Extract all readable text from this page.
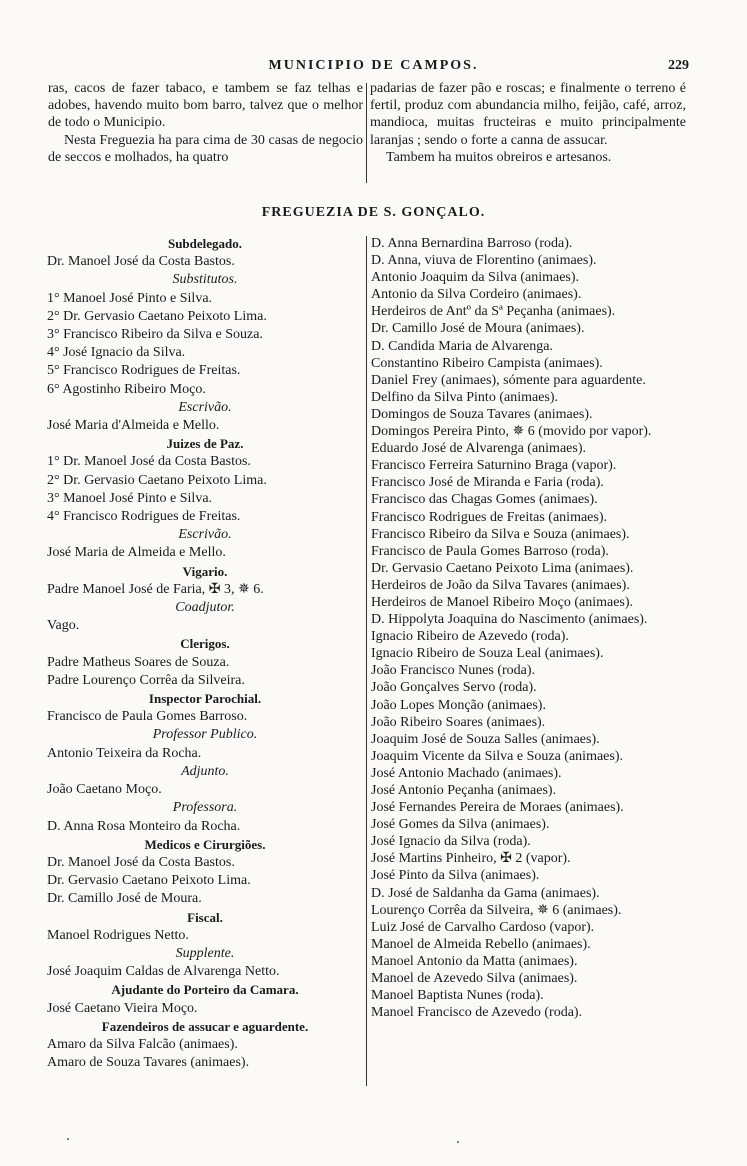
MUNICIPIO DE CAMPOS.	229
ras, cacos de fazer tabaco, e tambem se faz telhas e adobes, havendo muito bom barro, talvez que o melhor de todo o Municipio.
Nesta Freguezia ha para cima de 30 casas de negocio de seccos e molhados, ha quatro
padarias de fazer pão e roscas; e finalmente o terreno é fertil, produz com abundancia milho, feijão, café, arroz, mandioca, muitas fructeiras e muito principalmente laranjas ; sendo o forte a canna de assucar.
Tambem ha muitos obreiros e artesanos.
FREGUEZIA DE S. GONÇALO.
Subdelegado.
Dr. Manoel José da Costa Bastos.
Substitutos.
1° Manoel José Pinto e Silva.
2° Dr. Gervasio Caetano Peixoto Lima.
3° Francisco Ribeiro da Silva e Souza.
4° José Ignacio da Silva.
5° Francisco Rodrigues de Freitas.
6° Agostinho Ribeiro Moço.
Escrivão.
José Maria d'Almeida e Mello.
Juizes de Paz.
1° Dr. Manoel José da Costa Bastos.
2° Dr. Gervasio Caetano Peixoto Lima.
3° Manoel José Pinto e Silva.
4° Francisco Rodrigues de Freitas.
Escrivão.
José Maria de Almeida e Mello.
Vigario.
Padre Manoel José de Faria, ✠ 3, ✵ 6.
Coadjutor.
Vago.
Clerigos.
Padre Matheus Soares de Souza.
Padre Lourenço Corrêa da Silveira.
Inspector Parochial.
Francisco de Paula Gomes Barroso.
Professor Publico.
Antonio Teixeira da Rocha.
Adjunto.
João Caetano Moço.
Professora.
D. Anna Rosa Monteiro da Rocha.
Medicos e Cirurgiões.
Dr. Manoel José da Costa Bastos.
Dr. Gervasio Caetano Peixoto Lima.
Dr. Camillo José de Moura.
Fiscal.
Manoel Rodrigues Netto.
Supplente.
José Joaquim Caldas de Alvarenga Netto.
Ajudante do Porteiro da Camara.
José Caetano Vieira Moço.
Fazendeiros de assucar e aguardente.
Amaro da Silva Falcão (animaes).
Amaro de Souza Tavares (animaes).
D. Anna Bernardina Barroso (roda).
D. Anna, viuva de Florentino (animaes).
Antonio Joaquim da Silva (animaes).
Antonio da Silva Cordeiro (animaes).
Herdeiros de Antº da Sª Peçanha (animaes).
Dr. Camillo José de Moura (animaes).
D. Candida Maria de Alvarenga.
Constantino Ribeiro Campista (animaes).
Daniel Frey (animaes), sómente para aguardente.
Delfino da Silva Pinto (animaes).
Domingos de Souza Tavares (animaes).
Domingos Pereira Pinto, ✵ 6 (movido por vapor).
Eduardo José de Alvarenga (animaes).
Francisco Ferreira Saturnino Braga (vapor).
Francisco José de Miranda e Faria (roda).
Francisco das Chagas Gomes (animaes).
Francisco Rodrigues de Freitas (animaes).
Francisco Ribeiro da Silva e Souza (animaes).
Francisco de Paula Gomes Barroso (roda).
Dr. Gervasio Caetano Peixoto Lima (animaes).
Herdeiros de João da Silva Tavares (animaes).
Herdeiros de Manoel Ribeiro Moço (animaes).
D. Hippolyta Joaquina do Nascimento (animaes).
Ignacio Ribeiro de Azevedo (roda).
Ignacio Ribeiro de Souza Leal (animaes).
João Francisco Nunes (roda).
João Gonçalves Servo (roda).
João Lopes Monção (animaes).
João Ribeiro Soares (animaes).
Joaquim José de Souza Salles (animaes).
Joaquim Vicente da Silva e Souza (animaes).
José Antonio Machado (animaes).
José Antonio Peçanha (animaes).
José Fernandes Pereira de Moraes (animaes).
José Gomes da Silva (animaes).
José Ignacio da Silva (roda).
José Martins Pinheiro, ✠ 2 (vapor).
José Pinto da Silva (animaes).
D. José de Saldanha da Gama (animaes).
Lourenço Corrêa da Silveira, ✵ 6 (animaes).
Luiz José de Carvalho Cardoso (vapor).
Manoel de Almeida Rebello (animaes).
Manoel Antonio da Matta (animaes).
Manoel de Azevedo Silva (animaes).
Manoel Baptista Nunes (roda).
Manoel Francisco de Azevedo (roda).
